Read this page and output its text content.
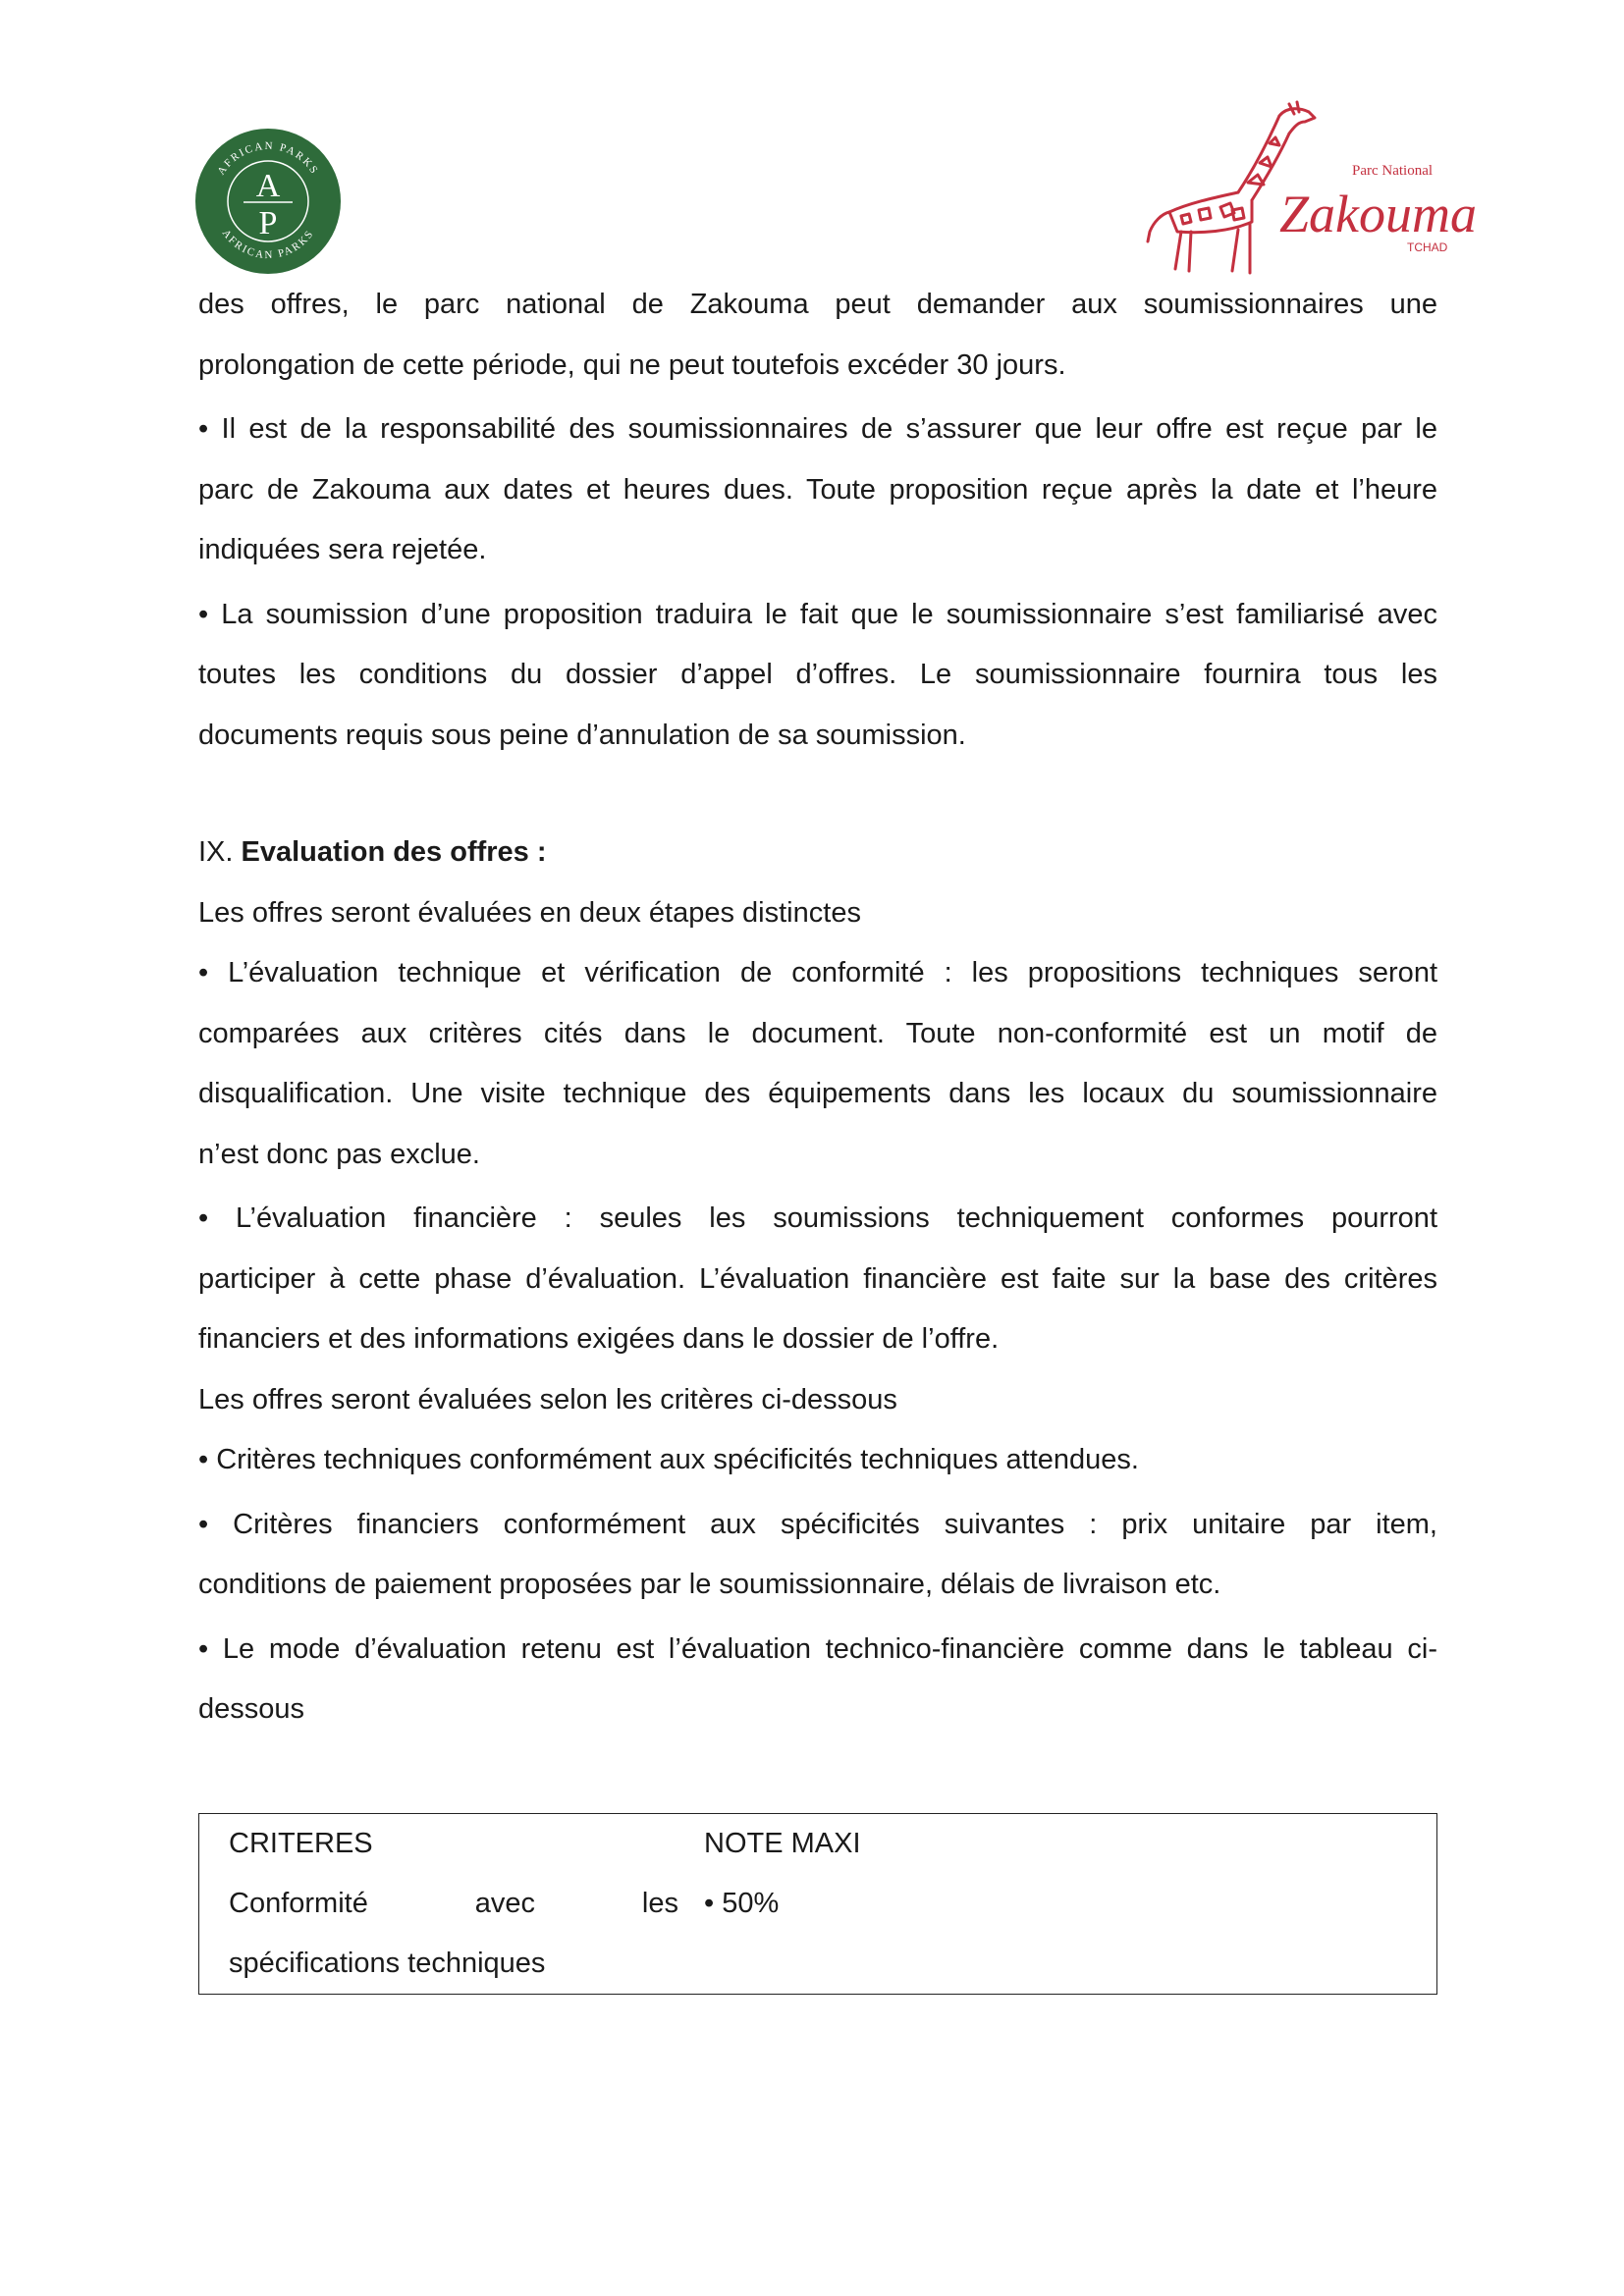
AFRICAN PARKS
AFRICAN PARKS
A
P
Parc National
Zakouma
TCHAD

des offres, le parc national de Zakouma peut demander aux soumissionnaires une

prolongation de cette période, qui ne peut toutefois excéder 30 jours.

• Il est de la responsabilité des soumissionnaires de s’assurer que leur offre est reçue par le

parc de Zakouma aux dates et heures dues. Toute proposition reçue après la date et l’heure

indiquées sera rejetée.

• La soumission d’une proposition traduira le fait que le soumissionnaire s’est familiarisé avec

toutes les conditions du dossier d’appel d’offres. Le soumissionnaire fournira tous les

documents requis sous peine d’annulation de sa soumission.

IX. Evaluation des offres :

Les offres seront évaluées en deux étapes distinctes

• L’évaluation technique et vérification de conformité : les propositions techniques seront

comparées aux critères cités dans le document. Toute non-conformité est un motif de

disqualification. Une visite technique des équipements dans les locaux du soumissionnaire

n’est donc pas exclue.

• L’évaluation financière : seules les soumissions techniquement conformes pourront

participer à cette phase d’évaluation. L’évaluation financière est faite sur la base des critères

financiers et des informations exigées dans le dossier de l’offre.

Les offres seront évaluées selon les critères ci-dessous

• Critères techniques conformément aux spécificités techniques attendues.

• Critères financiers conformément aux spécificités suivantes : prix unitaire par item,

conditions de paiement proposées par le soumissionnaire, délais de livraison etc.

• Le mode d’évaluation retenu est l’évaluation technico-financière comme dans le tableau ci-

dessous

CRITERES	NOTE MAXI
Conformité avec les • 50%
spécifications techniques
